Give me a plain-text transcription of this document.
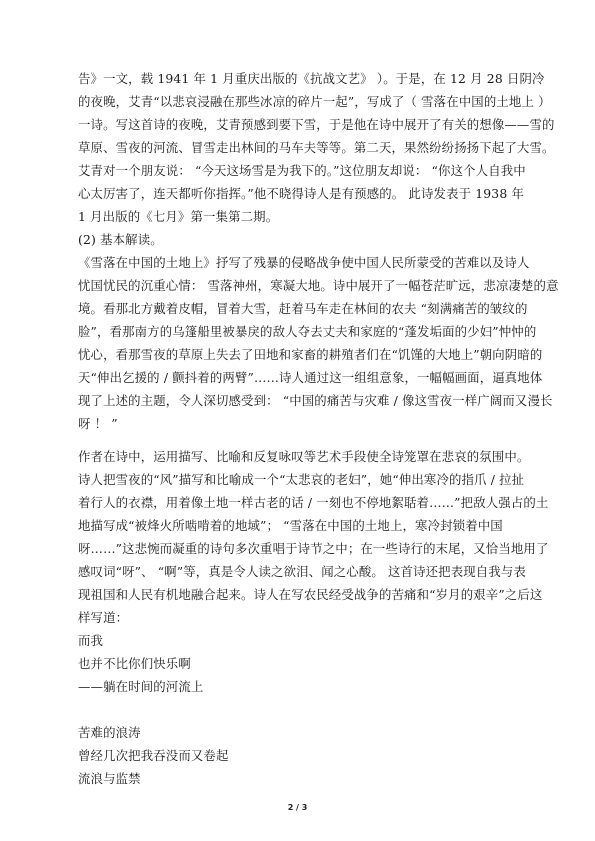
告》一文，载 1941 年 1 月重庆出版的《抗战文艺》 ）。于是，在 12 月 28 日阴冷
的夜晚，艾青“以悲哀浸融在那些冰凉的碎片一起”，写成了（ 雪落在中国的土地上 ）
一诗。写这首诗的夜晚，艾青预感到要下雪，于是他在诗中展开了有关的想像——雪的
草原、雪夜的河流、冒雪走出林间的马车夫等等。第二天，果然纷纷扬扬下起了大雪。
艾青对一个朋友说： “今天这场雪是为我下的。”这位朋友却说： “你这个人自我中
心太厉害了，连天都听你指挥。”他不晓得诗人是有预感的。 此诗发表于 1938 年
1 月出版的《七月》第一集第二期。
(2) 基本解读。
《雪落在中国的土地上》抒写了残暴的侵略战争使中国人民所蒙受的苦难以及诗人
忧国忧民的沉重心情： 雪落神州，寒凝大地。诗中展开了一幅苍茫旷远，悲凉凄楚的意
境。看那北方戴着皮帽，冒着大雪，赶着马车走在林间的农夫 “刻满痛苦的皱纹的
脸”，看那南方的乌篷船里被暴戾的敌人夺去丈夫和家庭的“蓬发垢面的少妇”忡忡的
忧心，看那雪夜的草原上失去了田地和家畜的耕殖者们在“饥馑的大地上”朝向阴暗的
天“伸出乞援的 / 颤抖着的两臂”……诗人通过这一组组意象，一幅幅画面，逼真地体
现了上述的主题，令人深切感受到： “中国的痛苦与灾难 / 像这雪夜一样广阔而又漫长
呀 ！ ”
作者在诗中，运用描写、比喻和反复咏叹等艺术手段使全诗笼罩在悲哀的氛围中。
诗人把雪夜的“风”描写和比喻成一个“太悲哀的老妇”，她“伸出寒冷的指爪 / 拉扯
着行人的衣襟，用着像土地一样古老的话 / 一刻也不停地絮聒着……”把敌人强占的土
地描写成“被烽火所啮啃着的地域”； “雪落在中国的土地上，寒冷封锁着中国
呀……”这悲惋而凝重的诗句多次重唱于诗节之中；在一些诗行的末尾，又恰当地用了
感叹词“呀”、 “啊”等，真是令人读之欲泪、闻之心酸。 这首诗还把表现自我与表
现祖国和人民有机地融合起来。诗人在写农民经受战争的苦痛和“岁月的艰辛”之后这
样写道：
而我
也并不比你们快乐啊
——躺在时间的河流上
苦难的浪涛
曾经几次把我吞没而又卷起
流浪与监禁
2 / 3
